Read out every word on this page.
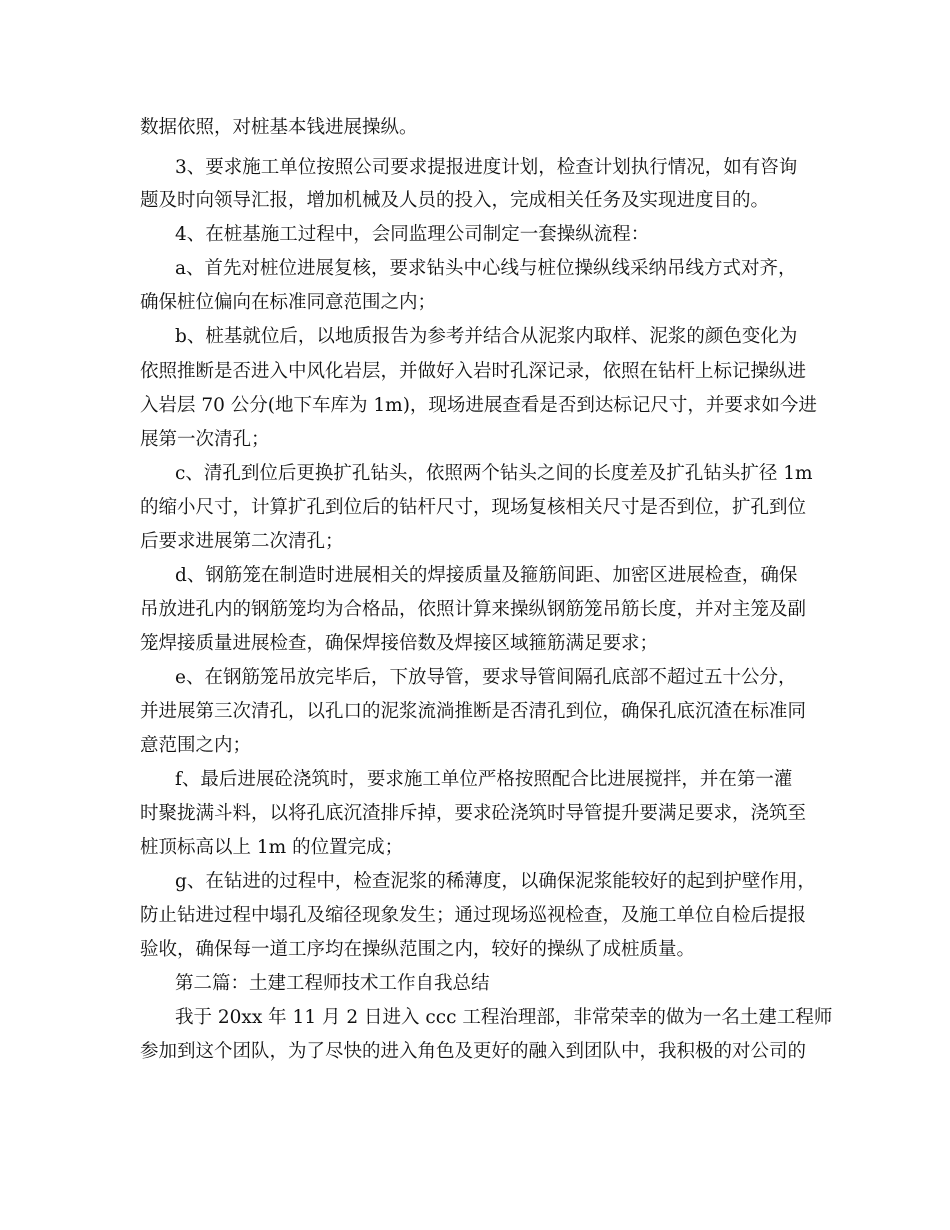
数据依照，对桩基本钱进展操纵。
3、要求施工单位按照公司要求提报进度计划，检查计划执行情况，如有咨询
题及时向领导汇报，增加机械及人员的投入，完成相关任务及实现进度目的。
4、在桩基施工过程中，会同监理公司制定一套操纵流程：
a、首先对桩位进展复核，要求钻头中心线与桩位操纵线采纳吊线方式对齐，
确保桩位偏向在标准同意范围之内；
b、桩基就位后，以地质报告为参考并结合从泥浆内取样、泥浆的颜色变化为
依照推断是否进入中风化岩层，并做好入岩时孔深记录，依照在钻杆上标记操纵进
入岩层 70 公分(地下车库为 1m)，现场进展查看是否到达标记尺寸，并要求如今进
展第一次清孔；
c、清孔到位后更换扩孔钻头，依照两个钻头之间的长度差及扩孔钻头扩径 1m
的缩小尺寸，计算扩孔到位后的钻杆尺寸，现场复核相关尺寸是否到位，扩孔到位
后要求进展第二次清孔；
d、钢筋笼在制造时进展相关的焊接质量及箍筋间距、加密区进展检查，确保
吊放进孔内的钢筋笼均为合格品，依照计算来操纵钢筋笼吊筋长度，并对主笼及副
笼焊接质量进展检查，确保焊接倍数及焊接区域箍筋满足要求；
e、在钢筋笼吊放完毕后，下放导管，要求导管间隔孔底部不超过五十公分，
并进展第三次清孔，以孔口的泥浆流淌推断是否清孔到位，确保孔底沉渣在标准同
意范围之内；
f、最后进展砼浇筑时，要求施工单位严格按照配合比进展搅拌，并在第一灌
时聚拢满斗料，以将孔底沉渣排斥掉，要求砼浇筑时导管提升要满足要求，浇筑至
桩顶标高以上 1m 的位置完成；
g、在钻进的过程中，检查泥浆的稀薄度，以确保泥浆能较好的起到护壁作用，
防止钻进过程中塌孔及缩径现象发生；通过现场巡视检查，及施工单位自检后提报
验收，确保每一道工序均在操纵范围之内，较好的操纵了成桩质量。
第二篇：土建工程师技术工作自我总结
我于 20xx 年 11 月 2 日进入 ccc 工程治理部，非常荣幸的做为一名土建工程师
参加到这个团队，为了尽快的进入角色及更好的融入到团队中，我积极的对公司的
